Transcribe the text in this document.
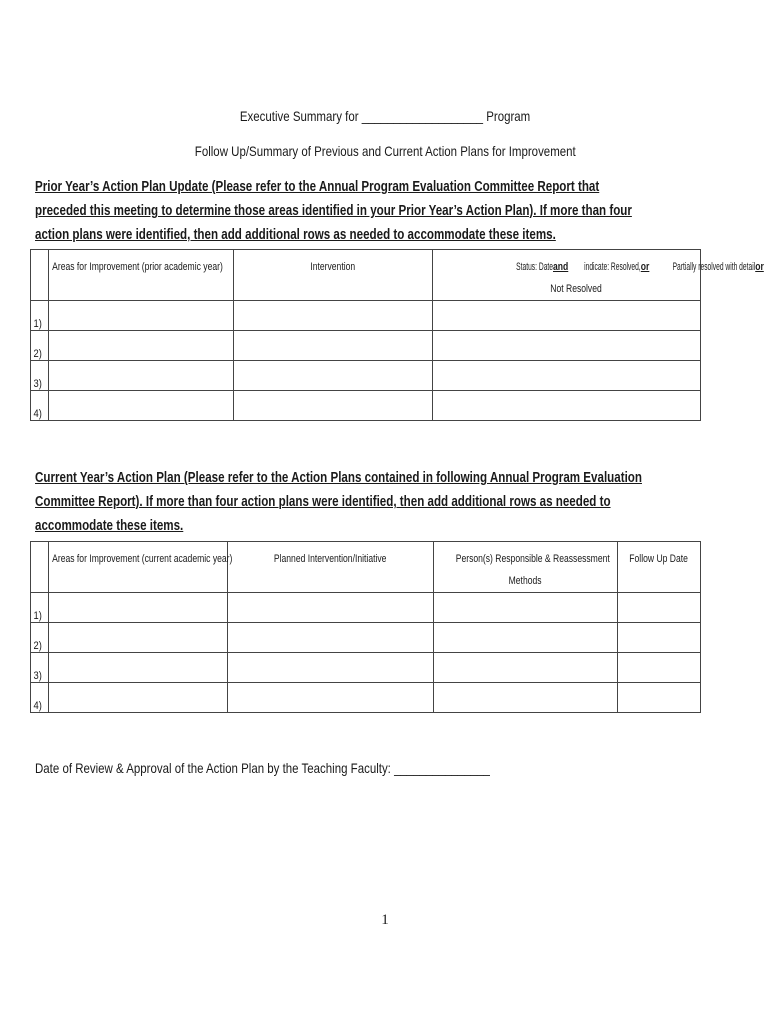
Executive Summary for ___________________ Program
Follow Up/Summary of Previous and Current Action Plans for Improvement
Prior Year’s Action Plan Update (Please refer to the Annual Program Evaluation Committee Report that
preceded this meeting to determine those areas identified in your Prior Year’s Action Plan). If more than four
action plans were identified, then add additional rows as needed to accommodate these items.
	Areas for Improvement (prior academic year)	Intervention	Status: Dateandindicate: Resolved,orPartially resolved with detailor
Not Resolved
1)			
2)			
3)			
4)			
Current Year’s Action Plan (Please refer to the Action Plans contained in following Annual Program Evaluation
Committee Report). If more than four action plans were identified, then add additional rows as needed to
accommodate these items.
	Areas for Improvement (current academic year)	Planned Intervention/Initiative	Person(s) Responsible & Reassessment
Methods	Follow Up Date
1)				
2)				
3)				
4)				
Date of Review & Approval of the Action Plan by the Teaching Faculty: _______________
1
